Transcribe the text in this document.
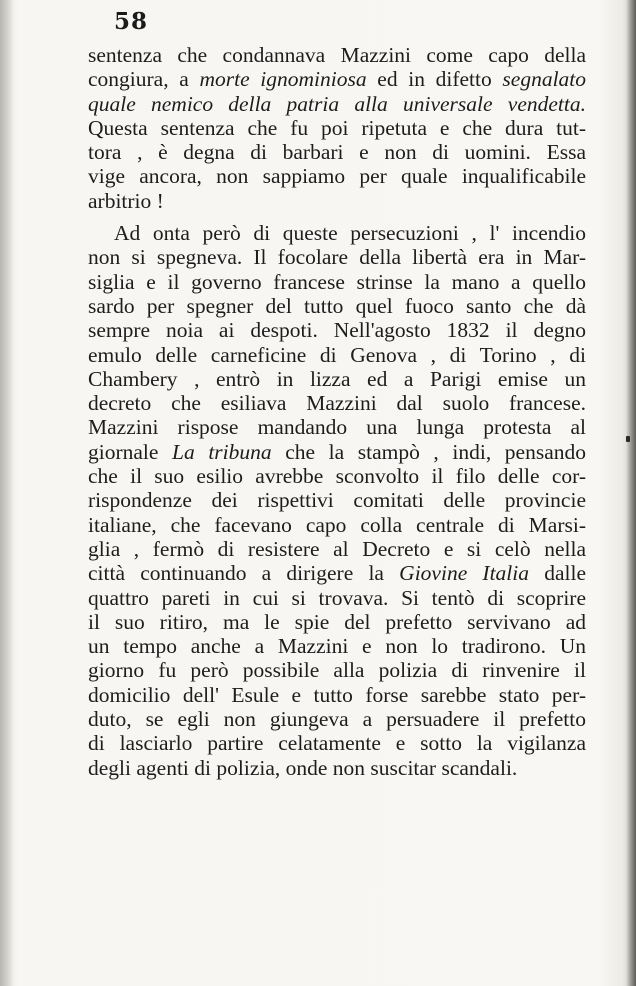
58
sentenza che condannava Mazzini come capo della
congiura, a morte ignominiosa ed in difetto segnalato
quale nemico della patria alla universale vendetta.
Questa sentenza che fu poi ripetuta e che dura tut-
tora , è degna di barbari e non di uomini. Essa
vige ancora, non sappiamo per quale inqualificabile
arbitrio !
Ad onta però di queste persecuzioni , l' incendio
non si spegneva. Il focolare della libertà era in Mar-
siglia e il governo francese strinse la mano a quello
sardo per spegner del tutto quel fuoco santo che dà
sempre noia ai despoti. Nell'agosto 1832 il degno
emulo delle carneficine di Genova , di Torino , di
Chambery , entrò in lizza ed a Parigi emise un
decreto che esiliava Mazzini dal suolo francese.
Mazzini rispose mandando una lunga protesta al
giornale La tribuna che la stampò , indi, pensando
che il suo esilio avrebbe sconvolto il filo delle cor-
rispondenze dei rispettivi comitati delle provincie
italiane, che facevano capo colla centrale di Marsi-
glia , fermò di resistere al Decreto e si celò nella
città continuando a dirigere la Giovine Italia dalle
quattro pareti in cui si trovava. Si tentò di scoprire
il suo ritiro, ma le spie del prefetto servivano ad
un tempo anche a Mazzini e non lo tradirono. Un
giorno fu però possibile alla polizia di rinvenire il
domicilio dell' Esule e tutto forse sarebbe stato per-
duto, se egli non giungeva a persuadere il prefetto
di lasciarlo partire celatamente e sotto la vigilanza
degli agenti di polizia, onde non suscitar scandali.
